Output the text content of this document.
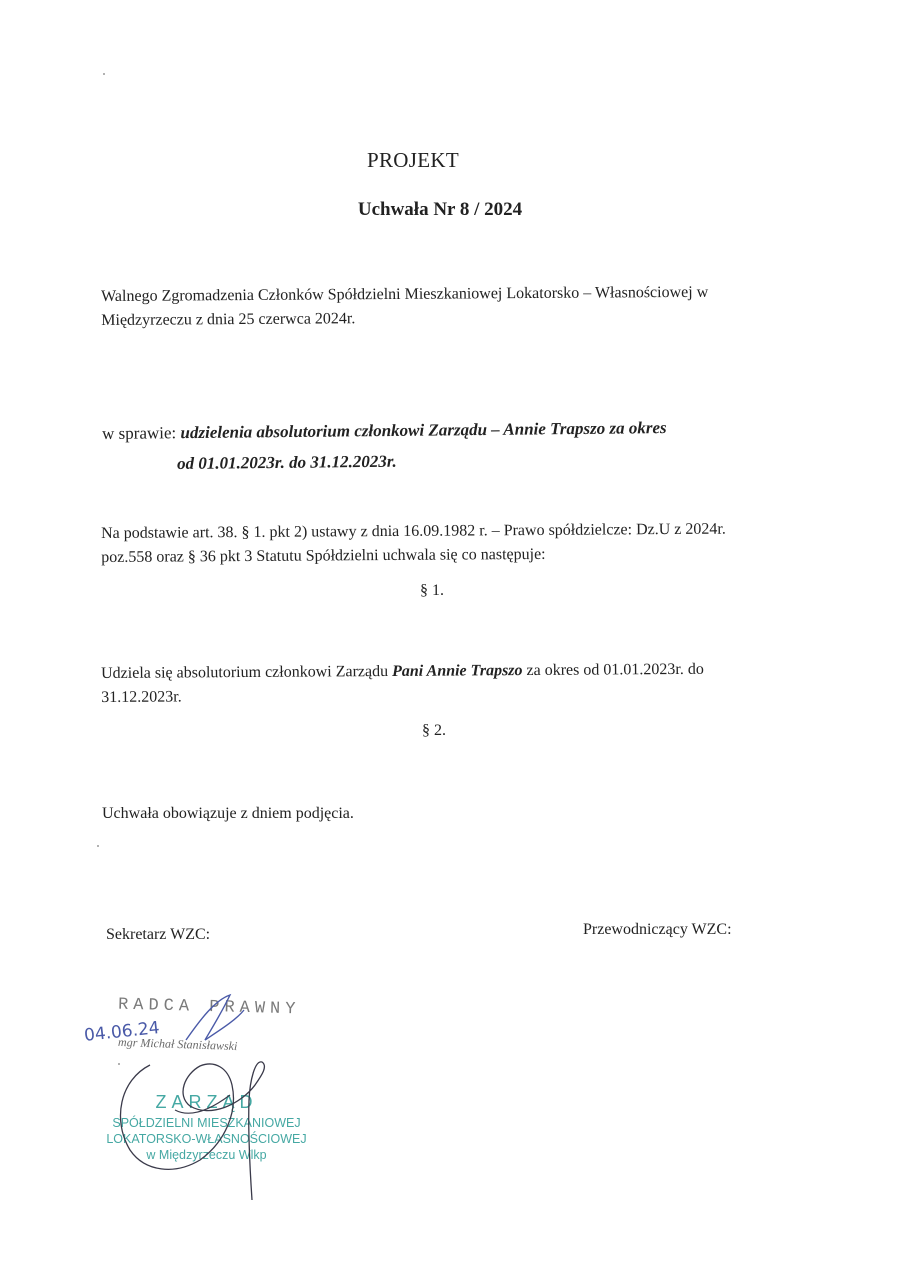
PROJEKT
Uchwała Nr 8 / 2024
Walnego Zgromadzenia Członków Spółdzielni Mieszkaniowej Lokatorsko – Własnościowej w
Międzyrzeczu z dnia 25 czerwca 2024r.
w sprawie: udzielenia absolutorium członkowi Zarządu – Annie Trapszo za okres
od 01.01.2023r. do 31.12.2023r.
Na podstawie art. 38. § 1. pkt 2) ustawy z dnia 16.09.1982 r. – Prawo spółdzielcze: Dz.U z 2024r.
poz.558 oraz § 36 pkt 3 Statutu Spółdzielni uchwala się co następuje:
§ 1.
Udziela się absolutorium członkowi Zarządu Pani Annie Trapszo za okres od 01.01.2023r. do
31.12.2023r.
§ 2.
Uchwała obowiązuje z dniem podjęcia.
Sekretarz WZC:	Przewodniczący WZC:
RADCA PRAWNY
mgr Michał Stanisławski
04.06.24
ZARZĄD
SPÓŁDZIELNI MIESZKANIOWEJ
LOKATORSKO-WŁASNOŚCIOWEJ
w Międzyrzeczu Wlkp
